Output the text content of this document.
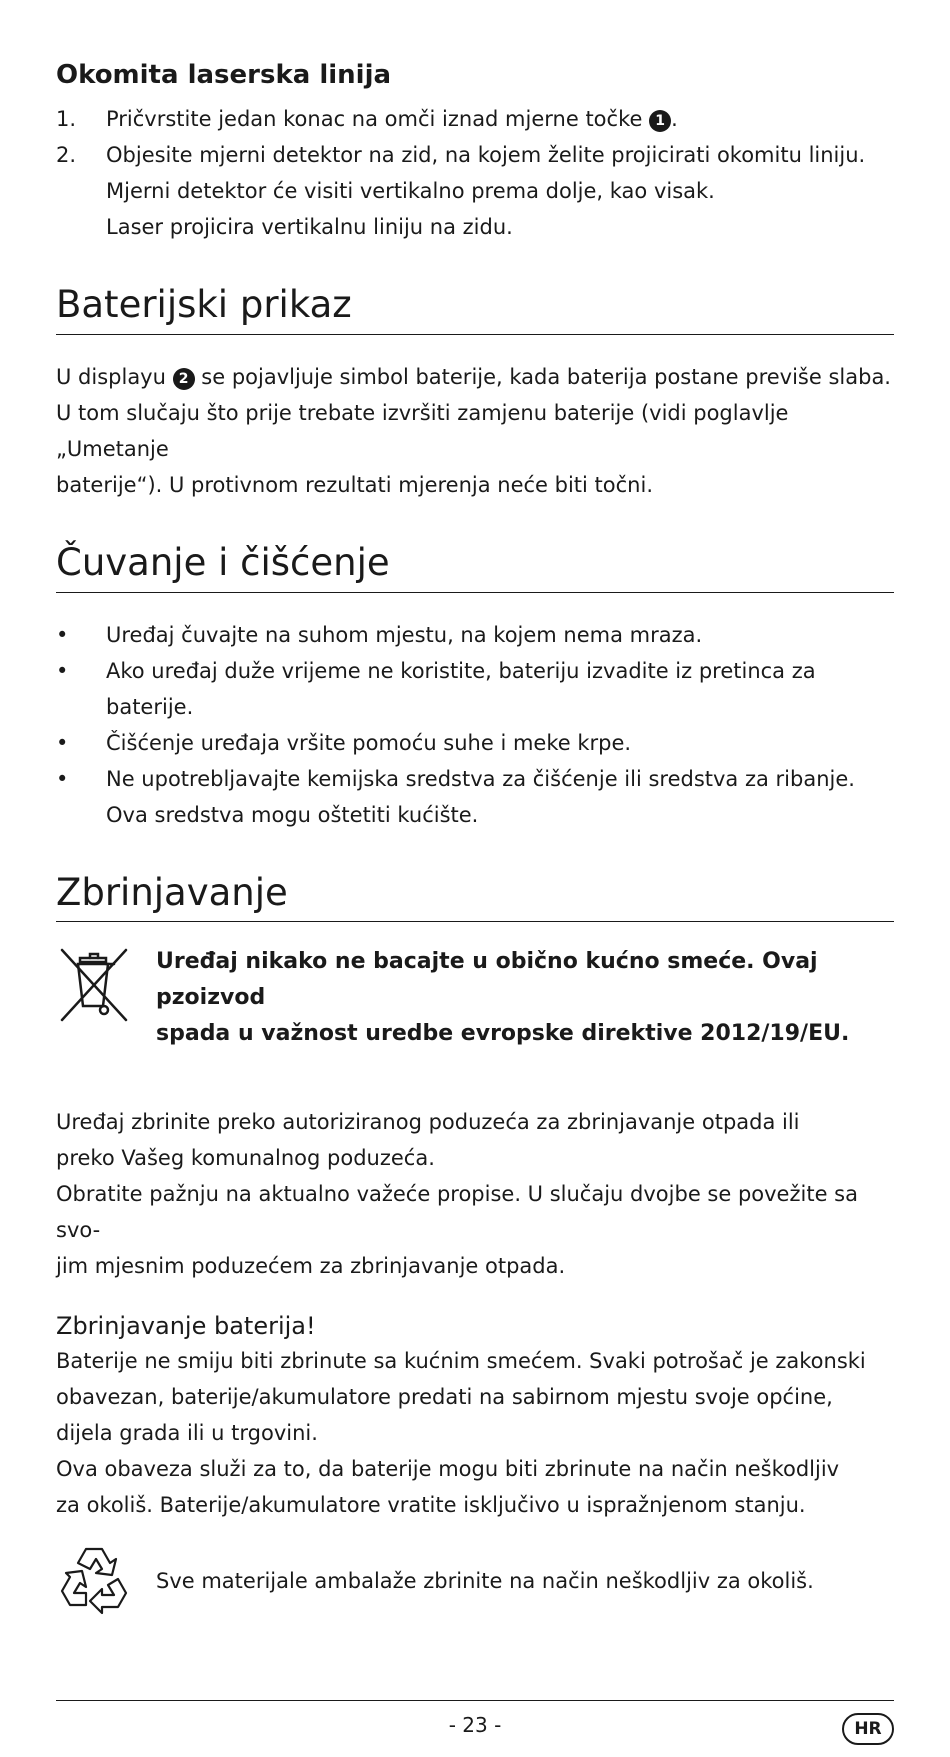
Okomita laserska linija
1. Pričvrstite jedan konac na omči iznad mjerne točke 1 .
2. Objesite mjerni detektor na zid, na kojem želite projicirati okomitu liniju.
Mjerni detektor će visiti vertikalno prema dolje, kao visak.
Laser projicira vertikalnu liniju na zidu.
Baterijski prikaz

U displayu 2 se pojavljuje simbol baterije, kada baterija postane previše slaba.

U tom slučaju što prije trebate izvršiti zamjenu baterije (vidi poglavlje „Umetanje

baterije“). U protivnom rezultati mjerenja neće biti točni.

Čuvanje i čišćenje
• Uređaj čuvajte na suhom mjestu, na kojem nema mraza.
• Ako uređaj duže vrijeme ne koristite, bateriju izvadite iz pretinca za baterije.
• Čišćenje uređaja vršite pomoću suhe i meke krpe.
• Ne upotrebljavajte kemijska sredstva za čišćenje ili sredstva za ribanje.
Ova sredstva mogu oštetiti kućište.
Zbrinjavanje

Uređaj nikako ne bacajte u obično kućno smeće. Ovaj pzoizvod

spada u važnost uredbe evropske direktive 2012/19/EU.

Uređaj zbrinite preko autoriziranog poduzeća za zbrinjavanje otpada ili

preko Vašeg komunalnog poduzeća.

Obratite pažnju na aktualno važeće propise. U slučaju dvojbe se povežite sa svo-

jim mjesnim poduzećem za zbrinjavanje otpada.

Zbrinjavanje baterija!

Baterije ne smiju biti zbrinute sa kućnim smećem. Svaki potrošač je zakonski

obavezan, baterije/akumulatore predati na sabirnom mjestu svoje općine,

dijela grada ili u trgovini.

Ova obaveza služi za to, da baterije mogu biti zbrinute na način neškodljiv

za okoliš. Baterije/akumulatore vratite isključivo u ispražnjenom stanju.

Sve materijale ambalaže zbrinite na način neškodljiv za okoliš.

- 23 -	HR
